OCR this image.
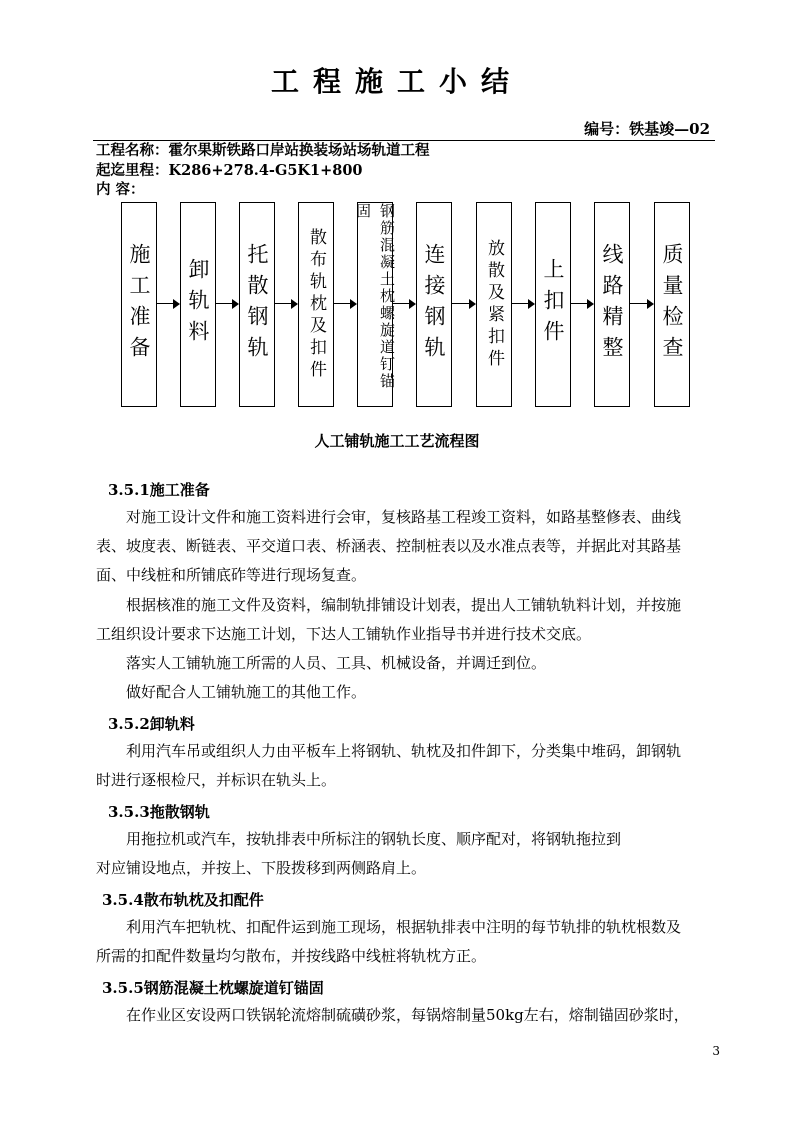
工程施工小结
编号：铁基竣—02
工程名称：霍尔果斯铁路口岸站换装场站场轨道工程
起迄里程：K286+278.4-G5K1+800
内 容：
施工准备 卸轨料 托散钢轨 散布轨枕及扣件	钢筋混凝土枕螺旋道钉锚固
连接钢轨 放散及紧扣件 上扣件 线路精整 质量检查
人工铺轨施工工艺流程图
3.5.1施工准备
对施工设计文件和施工资料进行会审，复核路基工程竣工资料，如路基整修表、曲线
表、坡度表、断链表、平交道口表、桥涵表、控制桩表以及水准点表等，并据此对其路基
面、中线桩和所铺底砟等进行现场复查。
根据核准的施工文件及资料，编制轨排铺设计划表，提出人工铺轨轨料计划，并按施
工组织设计要求下达施工计划，下达人工铺轨作业指导书并进行技术交底。
落实人工铺轨施工所需的人员、工具、机械设备，并调迁到位。
做好配合人工铺轨施工的其他工作。
3.5.2卸轨料
利用汽车吊或组织人力由平板车上将钢轨、轨枕及扣件卸下，分类集中堆码，卸钢轨
时进行逐根检尺，并标识在轨头上。
3.5.3拖散钢轨
用拖拉机或汽车，按轨排表中所标注的钢轨长度、顺序配对，将钢轨拖拉到
对应铺设地点，并按上、下股拨移到两侧路肩上。
3.5.4散布轨枕及扣配件
利用汽车把轨枕、扣配件运到施工现场，根据轨排表中注明的每节轨排的轨枕根数及
所需的扣配件数量均匀散布，并按线路中线桩将轨枕方正。
3.5.5钢筋混凝土枕螺旋道钉锚固
在作业区安设两口铁锅轮流熔制硫磺砂浆，每锅熔制量50kg左右，熔制锚固砂浆时，
3
